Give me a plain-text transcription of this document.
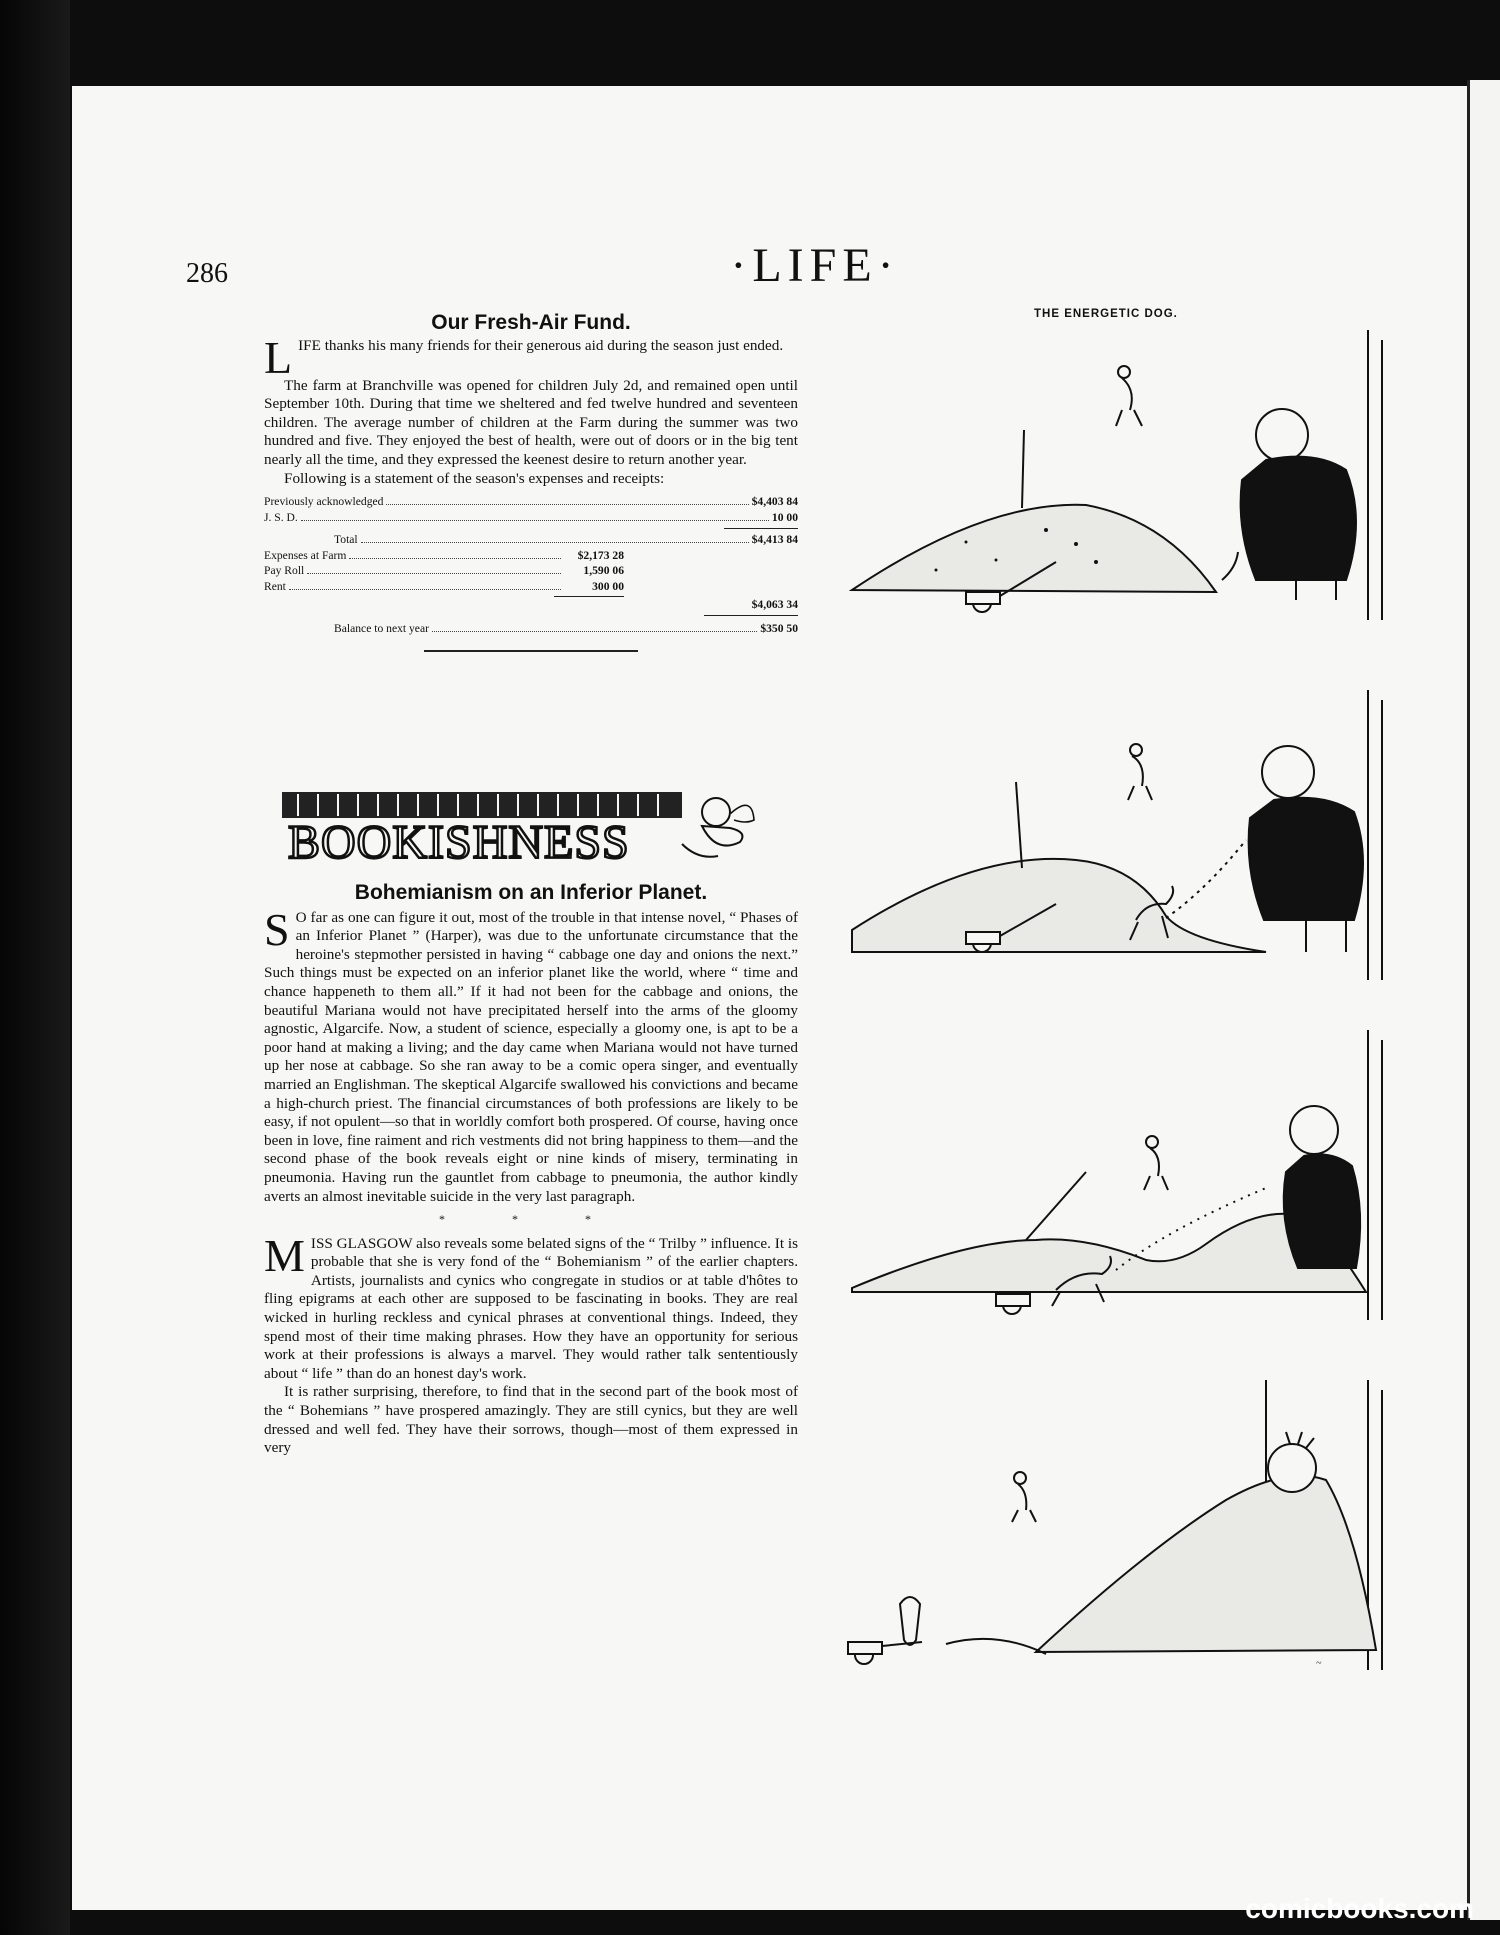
286	·LIFE·
Our Fresh-Air Fund.

LIFE thanks his many friends for their generous aid during the season just ended.

The farm at Branchville was opened for children July 2d, and remained open until September 10th. During that time we sheltered and fed twelve hundred and seventeen children. The average number of children at the Farm during the summer was two hundred and five. They enjoyed the best of health, were out of doors or in the big tent nearly all the time, and they expressed the keenest desire to return another year.

Following is a statement of the season's expenses and receipts:

Previously acknowledged	$4,403 84
J. S. D.	10 00
Total	$4,413 84
Expenses at Farm	$2,173 28
Pay Roll	1,590 06
Rent	300 00
$4,063 34
Balance to next year	$350 50
BOOKISHNESS
Bohemianism on an Inferior Planet.

S O far as one can figure it out, most of the trouble in that intense novel, “ Phases of an Inferior Planet ” (Harper), was due to the unfortunate circumstance that the heroine's stepmother persisted in having “ cabbage one day and onions the next.” Such things must be expected on an inferior planet like the world, where “ time and chance happeneth to them all.” If it had not been for the cabbage and onions, the beautiful Mariana would not have precipitated herself into the arms of the gloomy agnostic, Algarcife. Now, a student of science, especially a gloomy one, is apt to be a poor hand at making a living; and the day came when Mariana would not have turned up her nose at cabbage. So she ran away to be a comic opera singer, and eventually married an Englishman. The skeptical Algarcife swallowed his convictions and became a high-church priest. The financial circumstances of both professions are likely to be easy, if not opulent—so that in worldly comfort both prospered. Of course, having once been in love, fine raiment and rich vestments did not bring happiness to them—and the second phase of the book reveals eight or nine kinds of misery, terminating in pneumonia. Having run the gauntlet from cabbage to pneumonia, the author kindly averts an almost inevitable suicide in the very last paragraph.

* * *

MISS GLASGOW also reveals some belated signs of the “ Trilby ” influence. It is probable that she is very fond of the “ Bohemianism ” of the earlier chapters. Artists, journalists and cynics who congregate in studios or at table d'hôtes to fling epigrams at each other are supposed to be fascinating in books. They are real wicked in hurling reckless and cynical phrases at conventional things. Indeed, they spend most of their time making phrases. How they have an opportunity for serious work at their professions is always a marvel. They would rather talk sententiously about “ life ” than do an honest day's work.

It is rather surprising, therefore, to find that in the second part of the book most of the “ Bohemians ” have prospered amazingly. They are still cynics, but they are well dressed and well fed. They have their sorrows, though—most of them expressed in very

THE ENERGETIC DOG.
~
comicbooks.com
